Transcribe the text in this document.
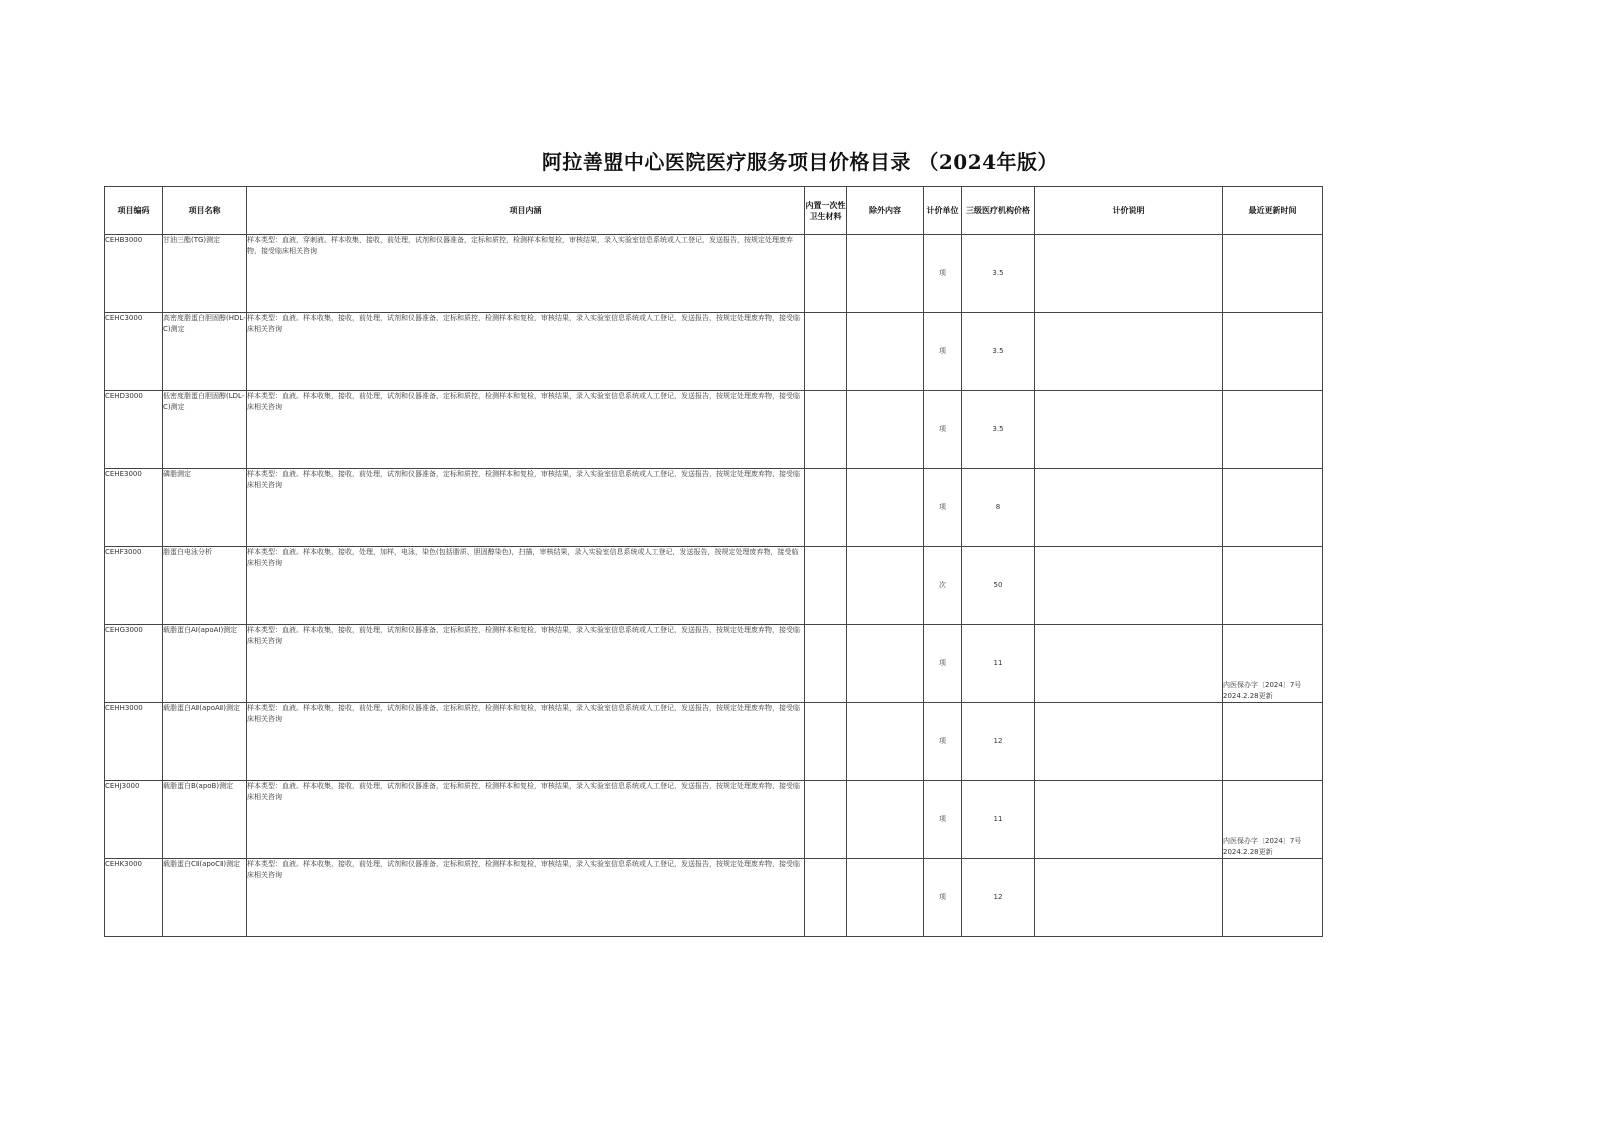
阿拉善盟中心医院医疗服务项目价格目录 （2024年版）
项目编码	项目名称	项目内涵	内置一次性卫生材料	除外内容	计价单位	三级医疗机构价格	计价说明	最近更新时间
CEHB3000	甘油三酯(TG)测定	样本类型：血液，穿刺液。样本收集，接收，前处理，试剂和仪器准备，定标和质控，检测样本和复检，审核结果，录入实验室信息系统或人工登记，发送报告，按规定处理废弃物，接受临床相关咨询			项	3.5		
CEHC3000	高密度脂蛋白胆固醇(HDL-C)测定	样本类型：血液。样本收集，接收，前处理，试剂和仪器准备，定标和质控，检测样本和复检，审核结果，录入实验室信息系统或人工登记，发送报告，按规定处理废弃物，接受临床相关咨询			项	3.5		
CEHD3000	低密度脂蛋白胆固醇(LDL-C)测定	样本类型：血液。样本收集，接收，前处理，试剂和仪器准备，定标和质控，检测样本和复检，审核结果，录入实验室信息系统或人工登记，发送报告，按规定处理废弃物，接受临床相关咨询			项	3.5		
CEHE3000	磷脂测定	样本类型：血液。样本收集，接收，前处理，试剂和仪器准备，定标和质控，检测样本和复检，审核结果，录入实验室信息系统或人工登记，发送报告，按规定处理废弃物，接受临床相关咨询			项	8		
CEHF3000	脂蛋白电泳分析	样本类型：血液。样本收集，接收，处理，加样，电泳，染色(包括脂质、胆固醇染色)，扫描，审核结果，录入实验室信息系统或人工登记，发送报告，按规定处理废弃物，接受临床相关咨询			次	50		
CEHG3000	载脂蛋白AⅠ(apoAⅠ)测定	样本类型：血液。样本收集，接收，前处理，试剂和仪器准备，定标和质控，检测样本和复检，审核结果，录入实验室信息系统或人工登记，发送报告，按规定处理废弃物，接受临床相关咨询			项	11		内医保办字〔2024〕7号 2024.2.28更新
CEHH3000	载脂蛋白AⅡ(apoAⅡ)测定	样本类型：血液。样本收集，接收，前处理，试剂和仪器准备，定标和质控，检测样本和复检，审核结果，录入实验室信息系统或人工登记，发送报告，按规定处理废弃物，接受临床相关咨询			项	12		
CEHJ3000	载脂蛋白B(apoB)测定	样本类型：血液。样本收集，接收，前处理，试剂和仪器准备，定标和质控，检测样本和复检，审核结果，录入实验室信息系统或人工登记，发送报告，按规定处理废弃物，接受临床相关咨询			项	11		内医保办字〔2024〕7号 2024.2.28更新
CEHK3000	载脂蛋白CⅡ(apoCⅡ)测定	样本类型：血液。样本收集，接收，前处理，试剂和仪器准备，定标和质控，检测样本和复检，审核结果，录入实验室信息系统或人工登记，发送报告，按规定处理废弃物，接受临床相关咨询			项	12		
